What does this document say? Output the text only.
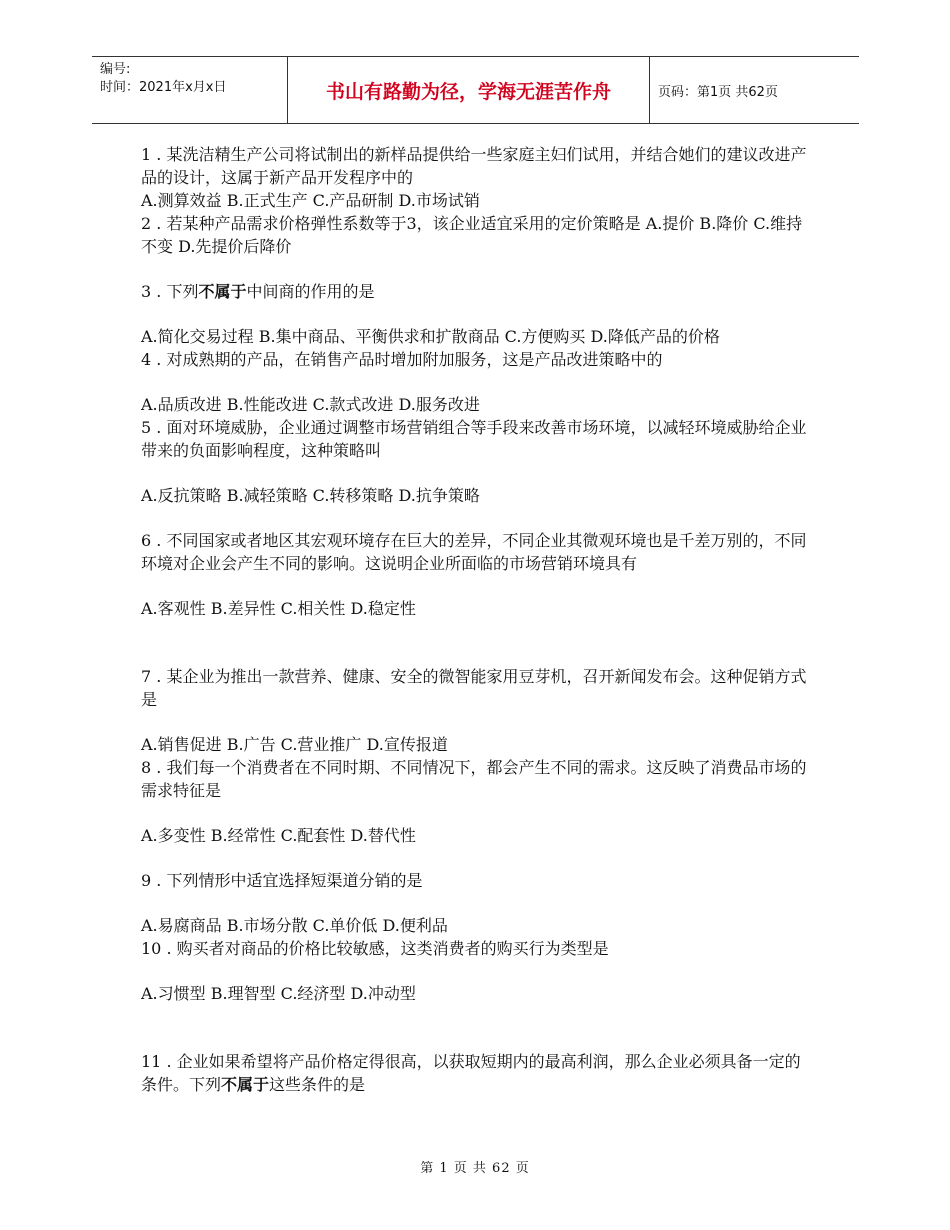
编号:
时间：2021年x月x日	书山有路勤为径，学海无涯苦作舟	页码：第1页 共62页

1 . 某洗洁精生产公司将试制出的新样品提供给一些家庭主妇们试用，并结合她们的建议改进产品的设计，这属于新产品开发程序中的

A.测算效益 B.正式生产 C.产品研制 D.市场试销

2 . 若某种产品需求价格弹性系数等于3，该企业适宜采用的定价策略是 A.提价 B.降价 C.维持不变 D.先提价后降价

3 . 下列不属于中间商的作用的是

A.简化交易过程 B.集中商品、平衡供求和扩散商品 C.方便购买 D.降低产品的价格

4 . 对成熟期的产品，在销售产品时增加附加服务，这是产品改进策略中的

A.品质改进 B.性能改进 C.款式改进 D.服务改进

5 . 面对环境威胁，企业通过调整市场营销组合等手段来改善市场环境，以减轻环境威胁给企业带来的负面影响程度，这种策略叫

A.反抗策略 B.减轻策略 C.转移策略 D.抗争策略

6 . 不同国家或者地区其宏观环境存在巨大的差异，不同企业其微观环境也是千差万别的，不同环境对企业会产生不同的影响。这说明企业所面临的市场营销环境具有

A.客观性 B.差异性 C.相关性 D.稳定性

7 . 某企业为推出一款营养、健康、安全的微智能家用豆芽机，召开新闻发布会。这种促销方式是

A.销售促进 B.广告 C.营业推广 D.宣传报道

8 . 我们每一个消费者在不同时期、不同情况下，都会产生不同的需求。这反映了消费品市场的需求特征是

A.多变性 B.经常性 C.配套性 D.替代性

9 . 下列情形中适宜选择短渠道分销的是

A.易腐商品 B.市场分散 C.单价低 D.便利品

10 . 购买者对商品的价格比较敏感，这类消费者的购买行为类型是

A.习惯型 B.理智型 C.经济型 D.冲动型

11 . 企业如果希望将产品价格定得很高，以获取短期内的最高利润，那么企业必须具备一定的条件。下列不属于这些条件的是

第 1 页 共 62 页
